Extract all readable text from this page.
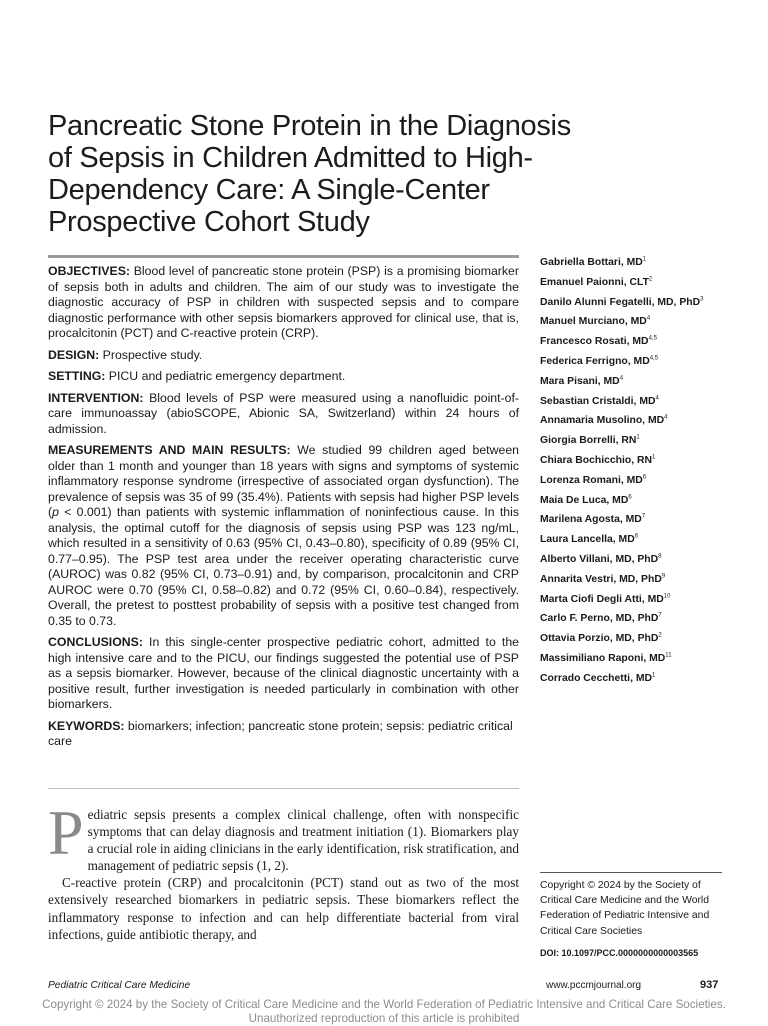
Pancreatic Stone Protein in the Diagnosis
of Sepsis in Children Admitted to High-
Dependency Care: A Single-Center
Prospective Cohort Study

OBJECTIVES: Blood level of pancreatic stone protein (PSP) is a promising biomarker of sepsis both in adults and children. The aim of our study was to investigate the diagnostic accuracy of PSP in children with suspected sepsis and to compare diagnostic performance with other sepsis biomarkers approved for clinical use, that is, procalcitonin (PCT) and C-reactive protein (CRP).

DESIGN: Prospective study.

SETTING: PICU and pediatric emergency department.

INTERVENTION: Blood levels of PSP were measured using a nanofluidic point-of-care immunoassay (abioSCOPE, Abionic SA, Switzerland) within 24 hours of admission.

MEASUREMENTS AND MAIN RESULTS: We studied 99 children aged between older than 1 month and younger than 18 years with signs and symptoms of systemic inflammatory response syndrome (irrespective of associated organ dysfunction). The prevalence of sepsis was 35 of 99 (35.4%). Patients with sepsis had higher PSP levels (p < 0.001) than patients with systemic inflammation of noninfectious cause. In this analysis, the optimal cutoff for the diagnosis of sepsis using PSP was 123 ng/mL, which resulted in a sensitivity of 0.63 (95% CI, 0.43–0.80), specificity of 0.89 (95% CI, 0.77–0.95). The PSP test area under the receiver operating characteristic curve (AUROC) was 0.82 (95% CI, 0.73–0.91) and, by comparison, procalcitonin and CRP AUROC were 0.70 (95% CI, 0.58–0.82) and 0.72 (95% CI, 0.60–0.84), respectively. Overall, the pretest to posttest probability of sepsis with a positive test changed from 0.35 to 0.73.

CONCLUSIONS: In this single-center prospective pediatric cohort, admitted to the high intensive care and to the PICU, our findings suggested the potential use of PSP as a sepsis biomarker. However, because of the clinical diagnostic uncertainty with a positive result, further investigation is needed particularly in combination with other biomarkers.

KEYWORDS: biomarkers; infection; pancreatic stone protein; sepsis: pediatric critical care

Gabriella Bottari, $MD^1$
Emanuel Paionni, CLT$^2$
Danilo Alunni Fegatelli, MD, PhD$^3$
Manuel Murciano, $MD^4$
Francesco Rosati, MD$^{4,5}$
Federica Ferrigno, MD$^{4,5}$
Mara Pisani, $MD^4$
Sebastian Cristaldi, $MD^4$
Annamaria Musolino, $MD^4$
Giorgia Borrelli, $RN^1$
Chiara Bochicchio, $RN^1$
Lorenza Romani, $MD^6$
Maia De Luca, $MD^6$
Marilena Agosta, $MD^7$
Laura Lancella, $MD^6$
Alberto Villani, MD, PhD$^8$
Annarita Vestri, MD, PhD$^9$
Marta Ciofi Degli Atti, MD$^{10}$
Carlo F. Perno, MD, PhD$^7$
Ottavia Porzio, MD, PhD$^2$
Massimiliano Raponi, MD$^{11}$
Corrado Cecchetti, $MD^1$

Pediatric sepsis presents a complex clinical challenge, often with nonspecific symptoms that can delay diagnosis and treatment initiation (1). Biomarkers play a crucial role in aiding clinicians in the early identification, risk stratification, and management of pediatric sepsis (1, 2).

C-reactive protein (CRP) and procalcitonin (PCT) stand out as two of the most extensively researched biomarkers in pediatric sepsis. These biomarkers reflect the inflammatory response to infection and can help differentiate bacterial from viral infections, guide antibiotic therapy, and

Copyright © 2024 by the Society of Critical Care Medicine and the World Federation of Pediatric Intensive and Critical Care Societies
DOI: 10.1097/PCC.0000000000003565
Pediatric Critical Care Medicine	www.pccmjournal.org	937
Copyright © 2024 by the Society of Critical Care Medicine and the World Federation of Pediatric Intensive and Critical Care Societies.
Unauthorized reproduction of this article is prohibited
